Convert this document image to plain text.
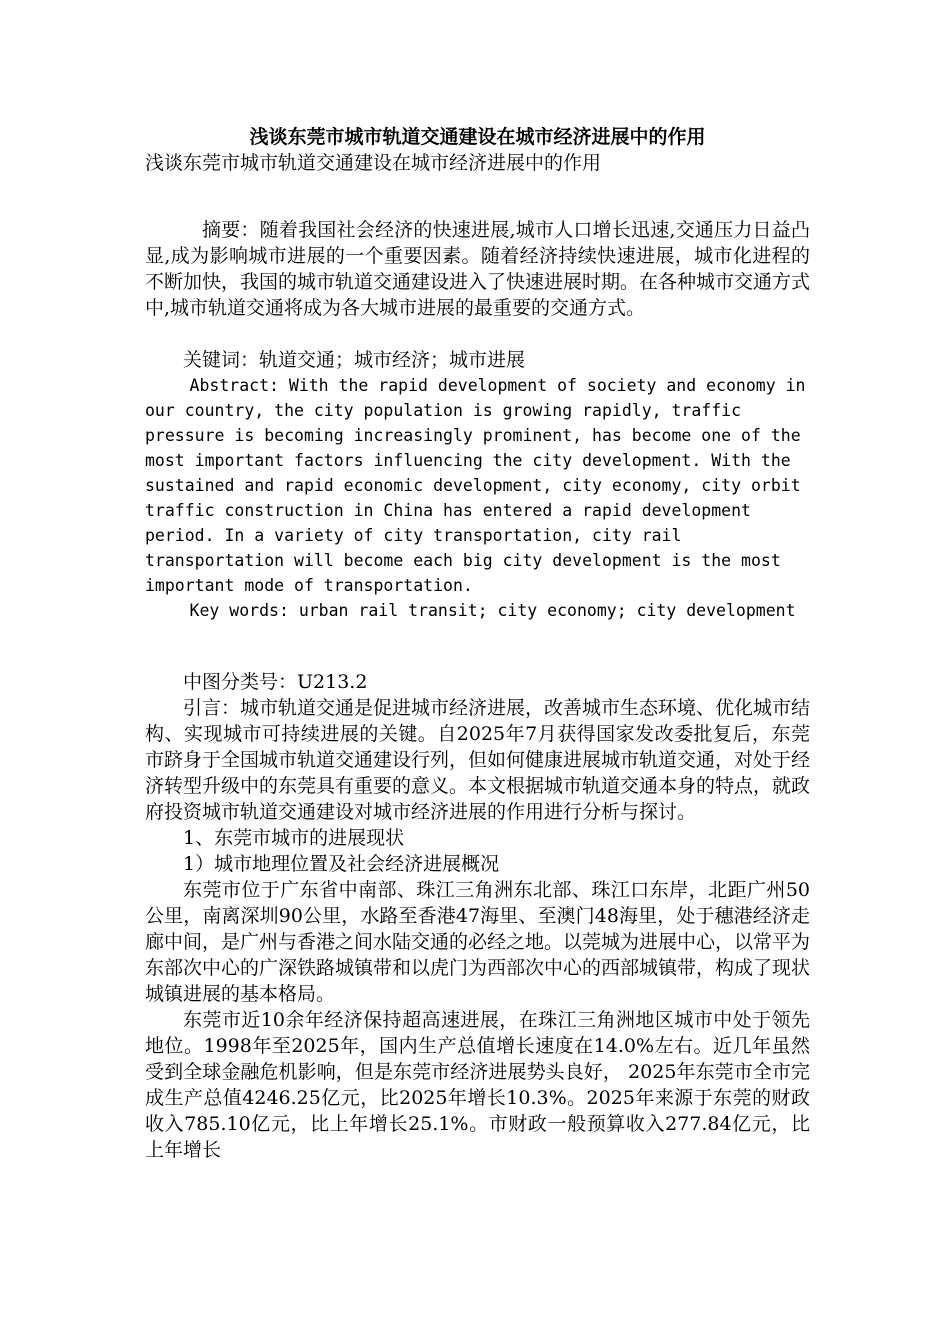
浅谈东莞市城市轨道交通建设在城市经济进展中的作用

浅谈东莞市城市轨道交通建设在城市经济进展中的作用

摘要：随着我国社会经济的快速进展,城市人口增长迅速,交通压力日益凸显,成为影响城市进展的一个重要因素。随着经济持续快速进展，城市化进程的不断加快，我国的城市轨道交通建设进入了快速进展时期。在各种城市交通方式中,城市轨道交通将成为各大城市进展的最重要的交通方式。

关键词：轨道交通；城市经济；城市进展

Abstract: With the rapid development of society and economy in our country, the city population is growing rapidly, traffic pressure is becoming increasingly prominent, has become one of the most important factors influencing the city development. With the sustained and rapid economic development, city economy, city orbit traffic construction in China has entered a rapid development period. In a variety of city transportation, city rail transportation will become each big city development is the most important mode of transportation.

Key words: urban rail transit; city economy; city development

中图分类号：U213.2

引言：城市轨道交通是促进城市经济进展，改善城市生态环境、优化城市结构、实现城市可持续进展的关键。自2025年7月获得国家发改委批复后，东莞市跻身于全国城市轨道交通建设行列，但如何健康进展城市轨道交通，对处于经济转型升级中的东莞具有重要的意义。本文根据城市轨道交通本身的特点，就政府投资城市轨道交通建设对城市经济进展的作用进行分析与探讨。

1、东莞市城市的进展现状

1）城市地理位置及社会经济进展概况

东莞市位于广东省中南部、珠江三角洲东北部、珠江口东岸，北距广州50公里，南离深圳90公里，水路至香港47海里、至澳门48海里，处于穗港经济走廊中间，是广州与香港之间水陆交通的必经之地。以莞城为进展中心，以常平为东部次中心的广深铁路城镇带和以虎门为西部次中心的西部城镇带，构成了现状城镇进展的基本格局。

东莞市近10余年经济保持超高速进展，在珠江三角洲地区城市中处于领先地位。1998年至2025年，国内生产总值增长速度在14.0%左右。近几年虽然受到全球金融危机影响，但是东莞市经济进展势头良好， 2025年东莞市全市完成生产总值4246.25亿元，比2025年增长10.3%。2025年来源于东莞的财政收入785.10亿元，比上年增长25.1%。市财政一般预算收入277.84亿元，比上年增长
